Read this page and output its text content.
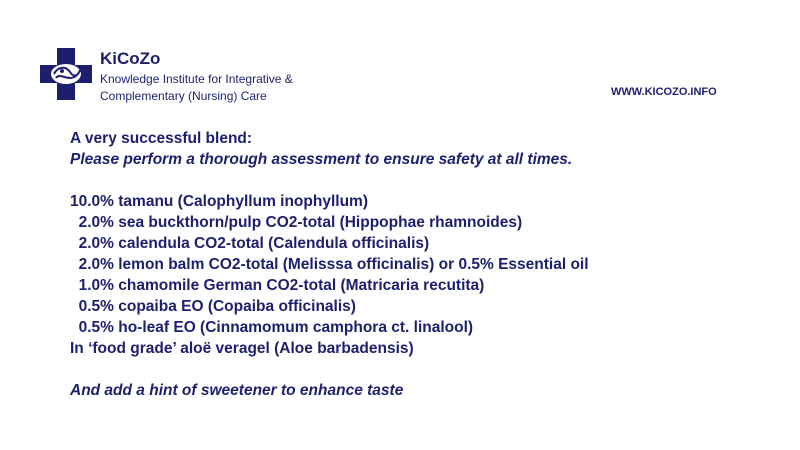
KiCoZo
Knowledge Institute for Integrative &
Complementary (Nursing) Care	WWW.KICOZO.INFO
A very successful blend:
Please perform a thorough assessment to ensure safety at all times.
10.0% tamanu (Calophyllum inophyllum)
2.0% sea buckthorn/pulp CO2-total (Hippophae rhamnoides)
2.0% calendula CO2-total (Calendula officinalis)
2.0% lemon balm CO2-total (Melisssa officinalis) or 0.5% Essential oil
1.0% chamomile German CO2-total (Matricaria recutita)
0.5% copaiba EO (Copaiba officinalis)
0.5% ho-leaf EO (Cinnamomum camphora ct. linalool)
In ‘food grade’ aloë veragel (Aloe barbadensis)
And add a hint of sweetener to enhance taste
